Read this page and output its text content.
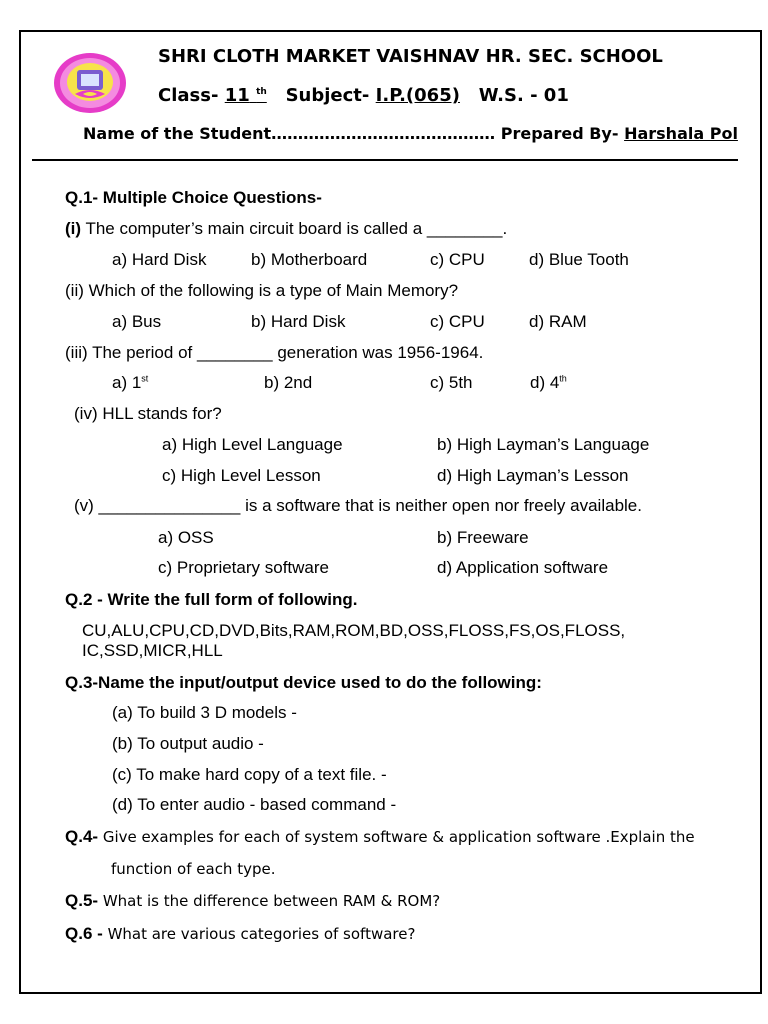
SHRI CLOTH MARKET VAISHNAV HR. SEC. SCHOOL
Class- 11 $^{th}$ Subject- I.P.(065) W.S. - 01
Name of the Student…………………………………… Prepared By- Harshala Pol
Q.1- Multiple Choice Questions-
(i) The computer’s main circuit board is called a ________.
a) Hard Disk	b) Motherboard	c) CPU	d) Blue Tooth
(ii) Which of the following is a type of Main Memory?
a) Bus	b) Hard Disk	c) CPU	d) RAM
(iii) The period of ________ generation was 1956-1964.
a) 1st	b) 2nd	c) 5th	d) 4th
(iv) HLL stands for?
a) High Level Language	b) High Layman’s Language
c) High Level Lesson	d) High Layman’s Lesson
(v) _______________ is a software that is neither open nor freely available.
a) OSS	b) Freeware
c) Proprietary software	d) Application software
Q.2 - Write the full form of following.
CU,ALU,CPU,CD,DVD,Bits,RAM,ROM,BD,OSS,FLOSS,FS,OS,FLOSS,
IC,SSD,MICR,HLL
Q.3-Name the input/output device used to do the following:
(a) To build 3 D models -
(b) To output audio -
(c) To make hard copy of a text file. -
(d) To enter audio - based command -
Q.4- Give examples for each of system software & application software .Explain the
function of each type.
Q.5- What is the difference between RAM & ROM?
Q.6 - What are various categories of software?
